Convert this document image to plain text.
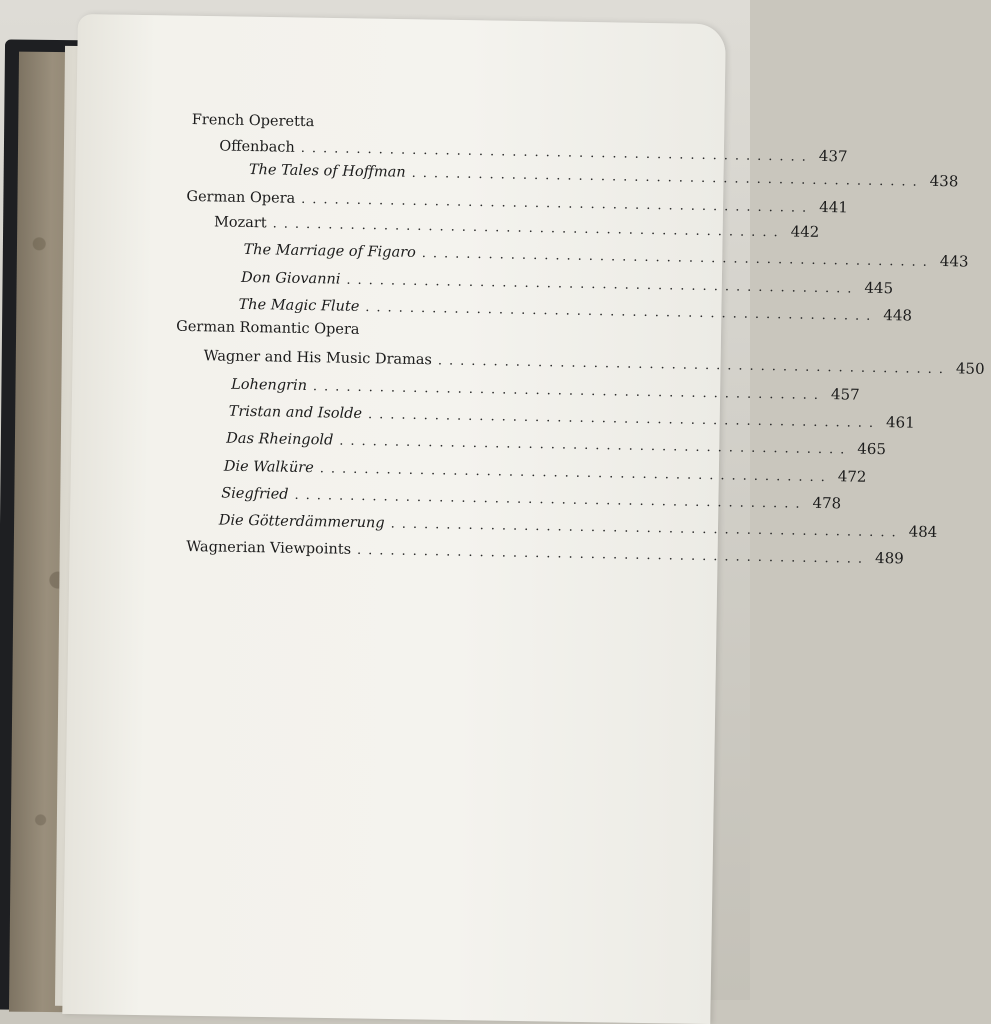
French Operetta
Offenbach .............................................. 437
The Tales of Hoffman .............................................. 438
German Opera .............................................. 441
Mozart .............................................. 442
The Marriage of Figaro .............................................. 443
Don Giovanni .............................................. 445
The Magic Flute .............................................. 448
German Romantic Opera
Wagner and His Music Dramas .............................................. 450
Lohengrin .............................................. 457
Tristan and Isolde .............................................. 461
Das Rheingold .............................................. 465
Die Walküre .............................................. 472
Siegfried .............................................. 478
Die Götterdämmerung .............................................. 484
Wagnerian Viewpoints .............................................. 489
